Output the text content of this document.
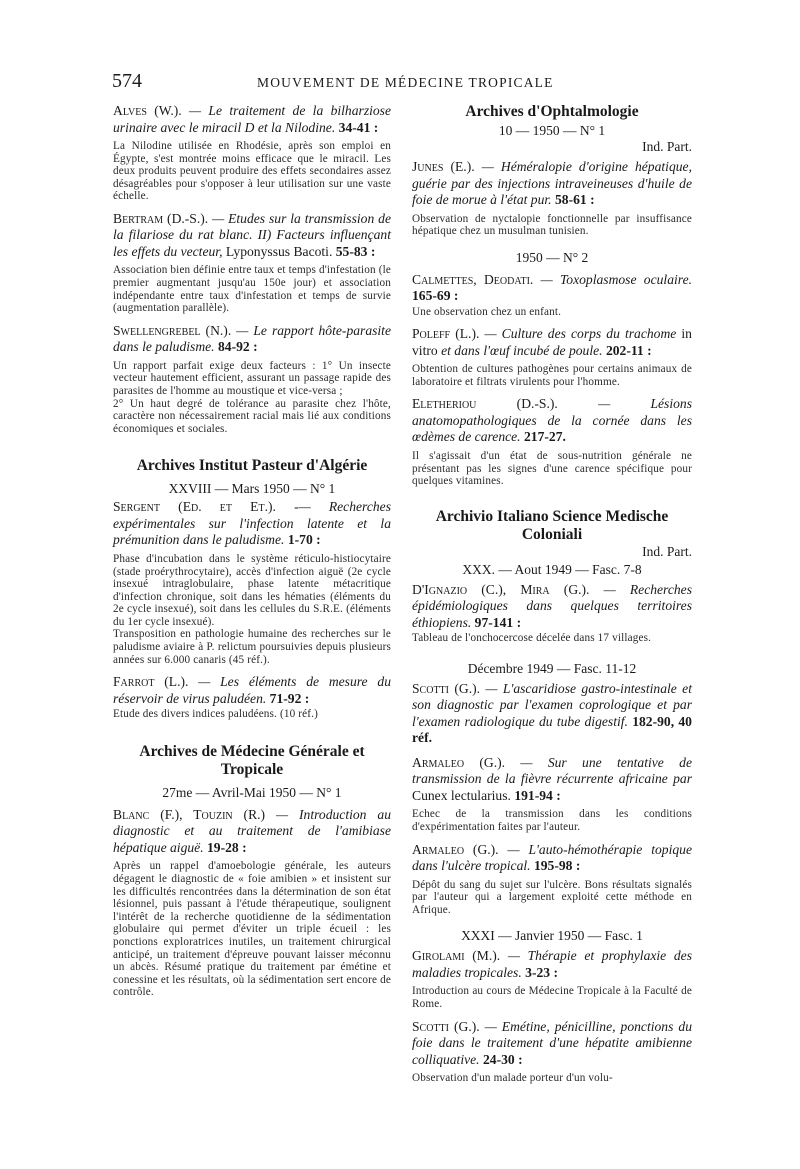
574	MOUVEMENT DE MÉDECINE TROPICALE

Alves (W.). — Le traitement de la bilharziose urinaire avec le miracil D et la Nilodine. 34-41 :

La Nilodine utilisée en Rhodésie, après son emploi en Égypte, s'est montrée moins efficace que le miracil. Les deux produits peuvent produire des effets secondaires assez désagréables pour s'opposer à leur utilisation sur une vaste échelle.

Bertram (D.-S.). — Etudes sur la transmission de la filariose du rat blanc. II) Facteurs influençant les effets du vecteur, Lyponyssus Bacoti. 55-83 :

Association bien définie entre taux et temps d'infestation (le premier augmentant jusqu'au 150e jour) et association indépendante entre taux d'infestation et temps de survie (augmentation parallèle).

Swellengrebel (N.). — Le rapport hôte-parasite dans le paludisme. 84-92 :

Un rapport parfait exige deux facteurs : 1° Un insecte vecteur hautement efficient, assurant un passage rapide des parasites de l'homme au moustique et vice-versa ;

2° Un haut degré de tolérance au parasite chez l'hôte, caractère non nécessairement racial mais lié aux conditions économiques et sociales.

Archives Institut Pasteur d'Algérie

XXVIII — Mars 1950 — N° 1

Sergent (Ed. et Et.). -— Recherches expérimentales sur l'infection latente et la prémunition dans le paludisme. 1-70 :

Phase d'incubation dans le système réticulo-histiocytaire (stade proérythrocytaire), accès d'infection aiguë (2e cycle insexué intraglobulaire, phase latente métacritique d'infection chronique, soit dans les hématies (éléments du 2e cycle insexué), soit dans les cellules du S.R.E. (éléments du 1er cycle insexué).

Transposition en pathologie humaine des recherches sur le paludisme aviaire à P. relictum poursuivies depuis plusieurs années sur 6.000 canaris (45 réf.).

Farrot (L.). — Les éléments de mesure du réservoir de virus paludéen. 71-92 :

Etude des divers indices paludéens. (10 réf.)

Archives de Médecine Générale et Tropicale

27me — Avril-Mai 1950 — N° 1

Blanc (F.), Touzin (R.) — Introduction au diagnostic et au traitement de l'amibiase hépatique aiguë. 19-28 :

Après un rappel d'amoebologie générale, les auteurs dégagent le diagnostic de « foie amibien » et insistent sur les difficultés rencontrées dans la détermination de son état lésionnel, puis passant à l'étude thérapeutique, soulignent l'intérêt de la recherche quotidienne de la sédimentation globulaire qui permet d'éviter un triple écueil : les ponctions exploratrices inutiles, un traitement chirurgical anticipé, un traitement d'épreuve pouvant laisser méconnu un abcès. Résumé pratique du traitement par émétine et conessine et les résultats, où la sédimentation sert encore de contrôle.

Archives d'Ophtalmologie

10 — 1950 — N° 1

Ind. Part.

Junes (E.). — Héméralopie d'origine hépatique, guérie par des injections intraveineuses d'huile de foie de morue à l'état pur. 58-61 :

Observation de nyctalopie fonctionnelle par insuffisance hépatique chez un musulman tunisien.

1950 — N° 2

Calmettes, Deodati. — Toxoplasmose oculaire. 165-69 :

Une observation chez un enfant.

Poleff (L.). — Culture des corps du trachome in vitro et dans l'œuf incubé de poule. 202-11 :

Obtention de cultures pathogènes pour certains animaux de laboratoire et filtrats virulents pour l'homme.

Eletheriou (D.-S.). — Lésions anatomopathologiques de la cornée dans les œdèmes de carence. 217-27.

Il s'agissait d'un état de sous-nutrition générale ne présentant pas les signes d'une carence spécifique pour quelques vitamines.

Archivio Italiano Science Medische Coloniali

Ind. Part.

XXX. — Aout 1949 — Fasc. 7-8

D'Ignazio (C.), Mira (G.). — Recherches épidémiologiques dans quelques territoires éthiopiens. 97-141 :

Tableau de l'onchocercose décelée dans 17 villages.

Décembre 1949 — Fasc. 11-12

Scotti (G.). — L'ascaridiose gastro-intestinale et son diagnostic par l'examen coprologique et par l'examen radiologique du tube digestif. 182-90, 40 réf.

Armaleo (G.). — Sur une tentative de transmission de la fièvre récurrente africaine par Cunex lectularius. 191-94 :

Echec de la transmission dans les conditions d'expérimentation faites par l'auteur.

Armaleo (G.). — L'auto-hémothérapie topique dans l'ulcère tropical. 195-98 :

Dépôt du sang du sujet sur l'ulcère. Bons résultats signalés par l'auteur qui a largement exploité cette méthode en Afrique.

XXXI — Janvier 1950 — Fasc. 1

Girolami (M.). — Thérapie et prophylaxie des maladies tropicales. 3-23 :

Introduction au cours de Médecine Tropicale à la Faculté de Rome.

Scotti (G.). — Emétine, pénicilline, ponctions du foie dans le traitement d'une hépatite amibienne colliquative. 24-30 :

Observation d'un malade porteur d'un volu-
